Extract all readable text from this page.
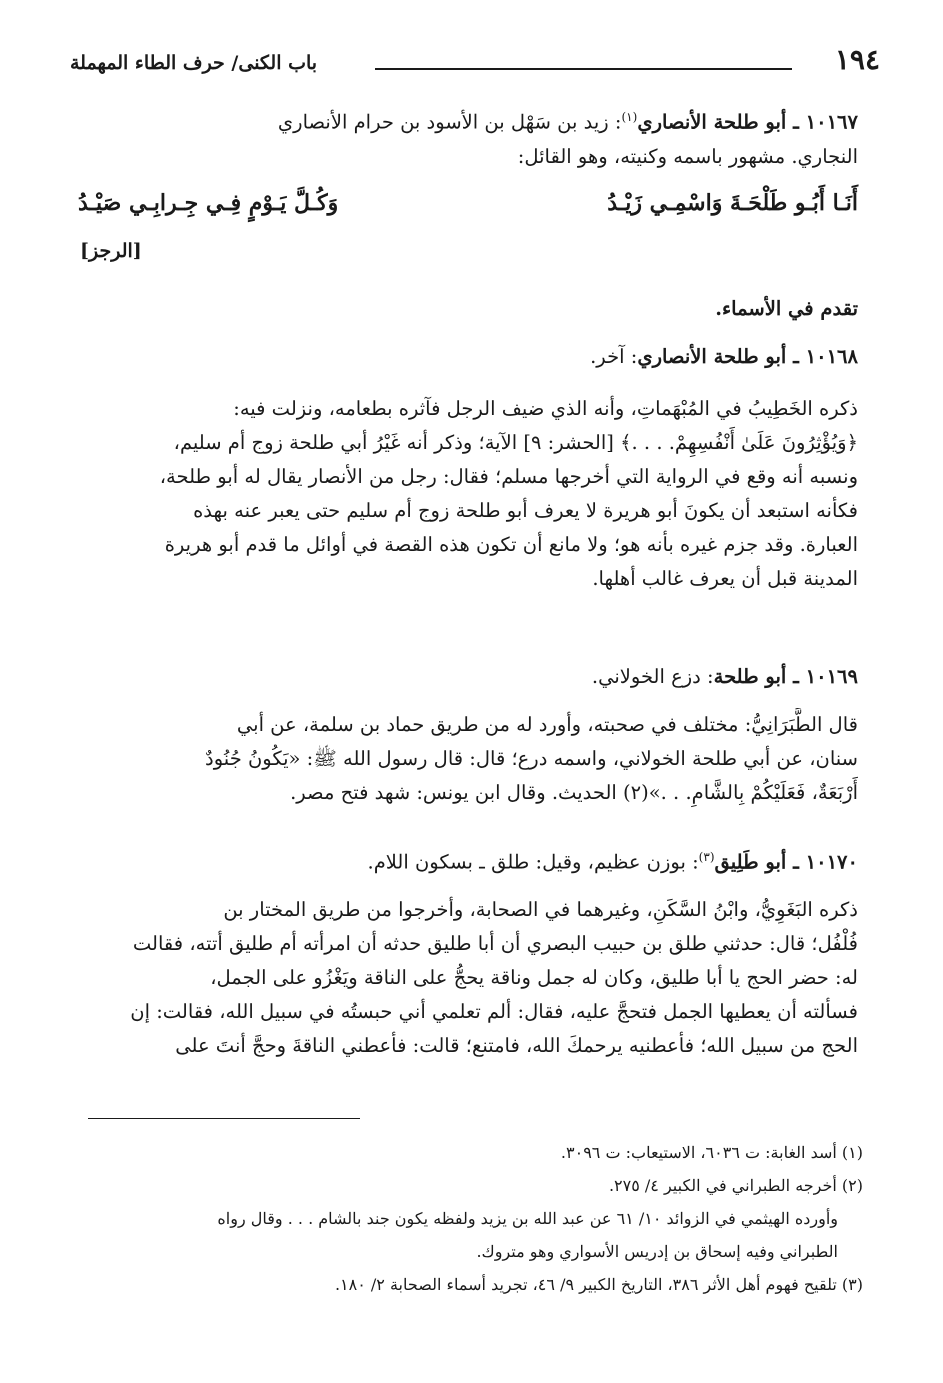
١٩٤
باب الكنى/ حرف الطاء المهملة
١٠١٦٧ ـ أبو طلحة الأنصاري$^{(١)}$: زيد بن سَهْل بن الأسود بن حرام الأنصاري
النجاري. مشهور باسمه وكنيته، وهو القائل:
أَنَـا أَبُـو طَلْحَـةَ وَاسْمِـي زَيْـدُ
وَكُـلَّ يَـوْمٍ فِـي جِـرابِـي صَيْـدُ
[الرجز]
تقدم في الأسماء.
١٠١٦٨ ـ أبو طلحة الأنصاري: آخر.
ذكره الخَطِيبُ في المُبْهَماتِ، وأنه الذي ضيف الرجل فآثره بطعامه، ونزلت فيه:
﴿وَيُؤْثِرُونَ عَلَىٰ أَنْفُسِهِمْ. . . .﴾ [الحشر: ٩] الآية؛ وذكر أنه غَيْرُ أبي طلحة زوج أم سليم،
ونسبه أنه وقع في الرواية التي أخرجها مسلم؛ فقال: رجل من الأنصار يقال له أبو طلحة،
فكأنه استبعد أن يكونَ أبو هريرة لا يعرف أبو طلحة زوج أم سليم حتى يعبر عنه بهذه
العبارة. وقد جزم غيره بأنه هو؛ ولا مانع أن تكون هذه القصة في أوائل ما قدم أبو هريرة
المدينة قبل أن يعرف غالب أهلها.
١٠١٦٩ ـ أبو طلحة: دزع الخولاني.
قال الطَّبَرَانِيُّ: مختلف في صحبته، وأورد له من طريق حماد بن سلمة، عن أبي
سنان، عن أبي طلحة الخولاني، واسمه درع؛ قال: قال رسول الله ﷺ: «يَكُونُ جُنُودٌ
أَرْبَعَةٌ، فَعَلَيْكُمْ بِالشَّامِ. . .»(٢) الحديث. وقال ابن يونس: شهد فتح مصر.
١٠١٧٠ ـ أبو طَلِيق$^{(٣)}$: بوزن عظيم، وقيل: طلق ـ بسكون اللام.
ذكره البَغَوِيُّ، وابْنُ السَّكَنِ، وغيرهما في الصحابة، وأخرجوا من طريق المختار بن
فُلْفُل؛ قال: حدثني طلق بن حبيب البصري أن أبا طليق حدثه أن امرأته أم طليق أتته، فقالت
له: حضر الحج يا أبا طليق، وكان له جمل وناقة يحجُّ على الناقة ويَغْزُو على الجمل،
فسألته أن يعطيها الجمل فتحجَّ عليه، فقال: ألم تعلمي أني حبستُه في سبيل الله، فقالت: إن
الحج من سبيل الله؛ فأعطنيه يرحمكَ الله، فامتنع؛ قالت: فأعطني الناقةَ وحجَّ أنتَ على
(١) أسد الغابة: ت ٦٠٣٦، الاستيعاب: ت ٣٠٩٦.
(٢) أخرجه الطبراني في الكبير ٤/ ٢٧٥.
وأورده الهيثمي في الزوائد ١٠/ ٦١ عن عبد الله بن يزيد ولفظه يكون جند بالشام . . . وقال رواه
الطبراني وفيه إسحاق بن إدريس الأسواري وهو متروك.
(٣) تلقيح فهوم أهل الأثر ٣٨٦، التاريخ الكبير ٩/ ٤٦، تجريد أسماء الصحابة ٢/ ١٨٠.
